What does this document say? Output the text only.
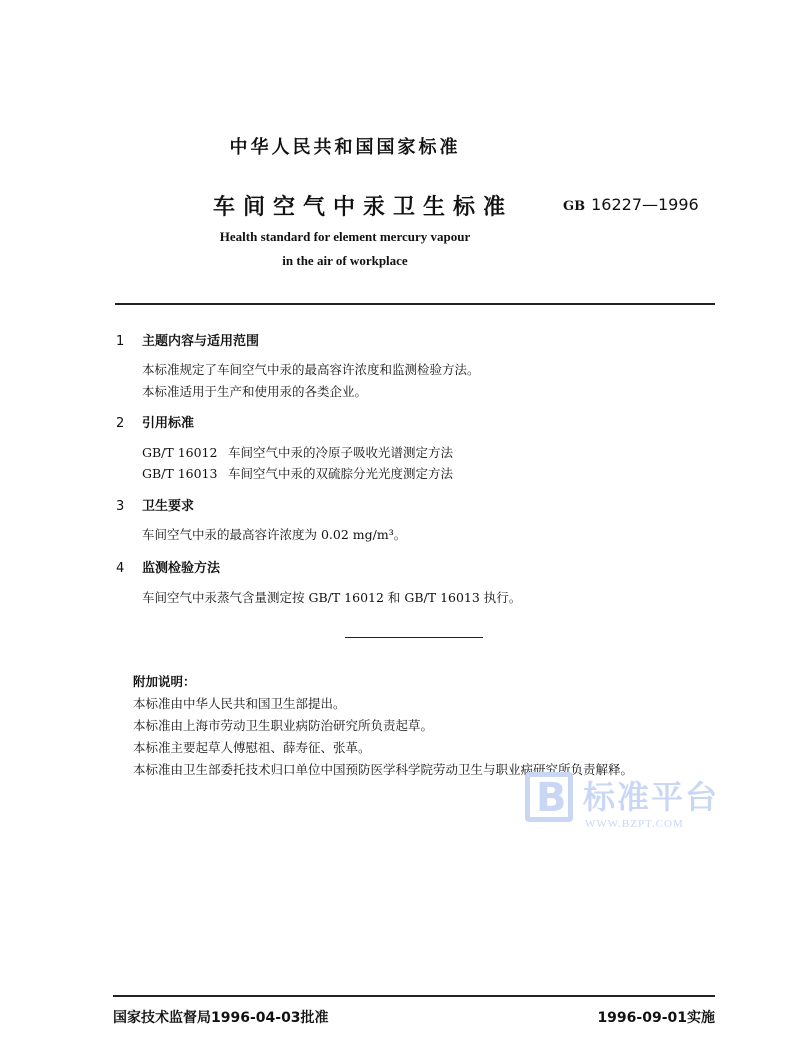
中华人民共和国国家标准
车间空气中汞卫生标准	GB 16227—1996
Health standard for element mercury vapour
in the air of workplace
1 主题内容与适用范围
本标准规定了车间空气中汞的最高容许浓度和监测检验方法。
本标准适用于生产和使用汞的各类企业。
2 引用标准
GB/T 16012 车间空气中汞的冷原子吸收光谱测定方法
GB/T 16013 车间空气中汞的双硫腙分光光度测定方法
3 卫生要求
车间空气中汞的最高容许浓度为 0.02 mg/m³。
4 监测检验方法
车间空气中汞蒸气含量测定按 GB/T 16012 和 GB/T 16013 执行。
附加说明：
本标准由中华人民共和国卫生部提出。
本标准由上海市劳动卫生职业病防治研究所负责起草。
本标准主要起草人傅慰祖、薛寿征、张革。
本标准由卫生部委托技术归口单位中国预防医学科学院劳动卫生与职业病研究所负责解释。
B 标准平台
WWW.BZPT.COM
国家技术监督局1996-04-03批准	1996-09-01实施
